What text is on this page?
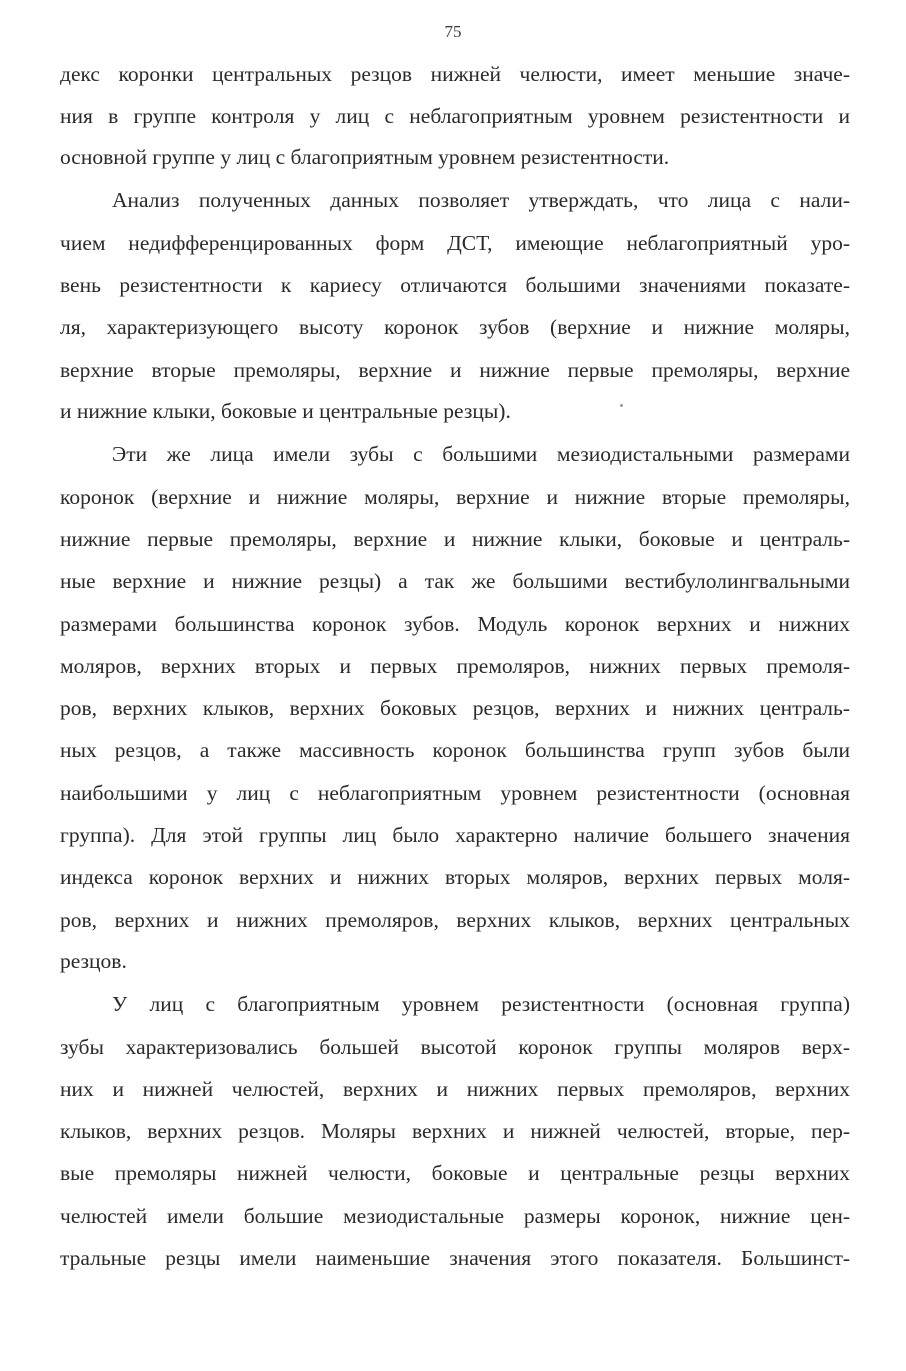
75
декс коронки центральных резцов нижней челюсти, имеет меньшие значе-
ния в группе контроля у лиц с неблагоприятным уровнем резистентности и
основной группе у лиц с благоприятным уровнем резистентности.
Анализ полученных данных позволяет утверждать, что лица с нали-
чием недифференцированных форм ДСТ, имеющие неблагоприятный уро-
вень резистентности к кариесу отличаются большими значениями показате-
ля, характеризующего высоту коронок зубов (верхние и нижние моляры,
верхние вторые премоляры, верхние и нижние первые премоляры, верхние
и нижние клыки, боковые и центральные резцы).
Эти же лица имели зубы с большими мезиодистальными размерами
коронок (верхние и нижние моляры, верхние и нижние вторые премоляры,
нижние первые премоляры, верхние и нижние клыки, боковые и централь-
ные верхние и нижние резцы) а так же большими вестибулолингвальными
размерами большинства коронок зубов. Модуль коронок верхних и нижних
моляров, верхних вторых и первых премоляров, нижних первых премоля-
ров, верхних клыков, верхних боковых резцов, верхних и нижних централь-
ных резцов, а также массивность коронок большинства групп зубов были
наибольшими у лиц с неблагоприятным уровнем резистентности (основная
группа). Для этой группы лиц было характерно наличие большего значения
индекса коронок верхних и нижних вторых моляров, верхних первых моля-
ров, верхних и нижних премоляров, верхних клыков, верхних центральных
резцов.
У лиц с благоприятным уровнем резистентности (основная группа)
зубы характеризовались большей высотой коронок группы моляров верх-
них и нижней челюстей, верхних и нижних первых премоляров, верхних
клыков, верхних резцов. Моляры верхних и нижней челюстей, вторые, пер-
вые премоляры нижней челюсти, боковые и центральные резцы верхних
челюстей имели большие мезиодистальные размеры коронок, нижние цен-
тральные резцы имели наименьшие значения этого показателя. Большинст-
